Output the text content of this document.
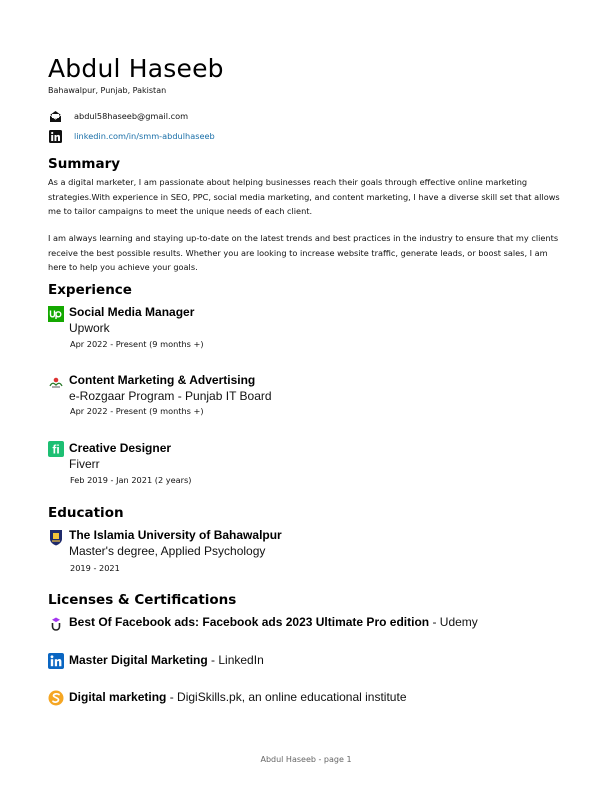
Abdul Haseeb
Bahawalpur, Punjab, Pakistan
abdul58haseeb@gmail.com
linkedin.com/in/smm-abdulhaseeb
Summary
As a digital marketer, I am passionate about helping businesses reach their goals through effective online marketing strategies.With experience in SEO, PPC, social media marketing, and content marketing, I have a diverse skill set that allows me to tailor campaigns to meet the unique needs of each client.
I am always learning and staying up-to-date on the latest trends and best practices in the industry to ensure that my clients receive the best possible results. Whether you are looking to increase website traffic, generate leads, or boost sales, I am here to help you achieve your goals.
Experience
Social Media Manager
Upwork
Apr 2022 - Present (9 months +)
Content Marketing & Advertising
e-Rozgaar Program - Punjab IT Board
Apr 2022 - Present (9 months +)
fi Creative Designer
Fiverr
Feb 2019 - Jan 2021 (2 years)
Education
The Islamia University of Bahawalpur
Master's degree, Applied Psychology
2019 - 2021
Licenses & Certifications
Best Of Facebook ads: Facebook ads 2023 Ultimate Pro edition - Udemy
Master Digital Marketing - LinkedIn
Digital marketing - DigiSkills.pk, an online educational institute
Abdul Haseeb - page 1
